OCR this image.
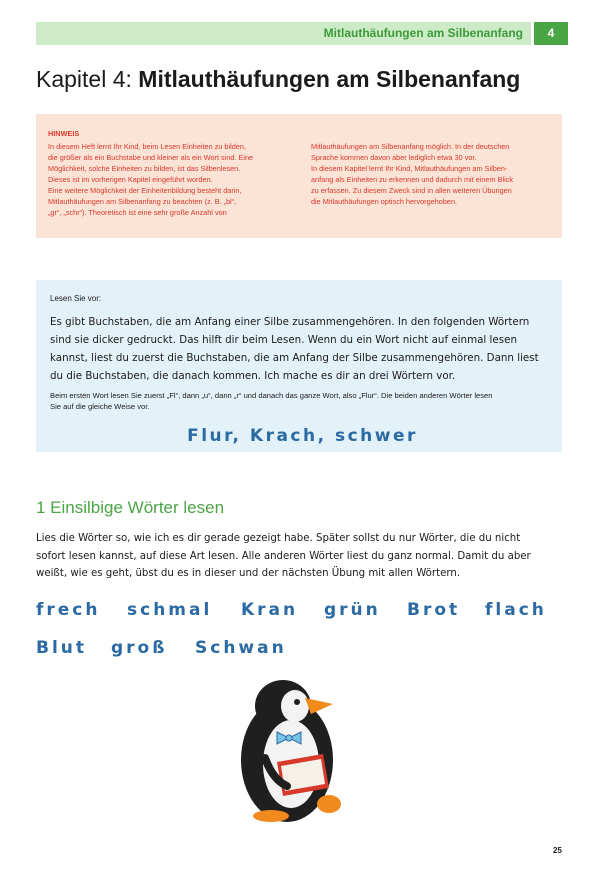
Mitlauthäufungen am Silbenanfang	4
Kapitel 4: Mitlauthäufungen am Silbenanfang
HINWEIS
In diesem Heft lernt Ihr Kind, beim Lesen Einheiten zu bilden,
die größer als ein Buchstabe und kleiner als ein Wort sind. Eine
Möglichkeit, solche Einheiten zu bilden, ist das Silbenlesen.
Dieses ist im vorherigen Kapitel eingeführt worden.
Eine weitere Möglichkeit der Einheitenbildung besteht darin,
Mitlauthäufungen am Silbenanfang zu beachten (z. B. „bl“,
„gr“, „schr“). Theoretisch ist eine sehr große Anzahl von
Mitlauthäufungen am Silbenanfang möglich. In der deutschen
Sprache kommen davon aber lediglich etwa 30 vor.
In diesem Kapitel lernt Ihr Kind, Mitlauthäufungen am Silben-
anfang als Einheiten zu erkennen und dadurch mit einem Blick
zu erfassen. Zu diesem Zweck sind in allen weiteren Übungen
die Mitlauthäufungen optisch hervorgehoben.
Lesen Sie vor:
Es gibt Buchstaben, die am Anfang einer Silbe zusammengehören. In den folgenden Wörtern
sind sie dicker gedruckt. Das hilft dir beim Lesen. Wenn du ein Wort nicht auf einmal lesen
kannst, liest du zuerst die Buchstaben, die am Anfang der Silbe zusammengehören. Dann liest
du die Buchstaben, die danach kommen. Ich mache es dir an drei Wörtern vor.
Beim ersten Wort lesen Sie zuerst „Fl“, dann „u“, dann „r“ und danach das ganze Wort, also „Flur“. Die beiden anderen Wörter lesen
Sie auf die gleiche Weise vor.

Flur, Krach, schwer

1 Einsilbige Wörter lesen
Lies die Wörter so, wie ich es dir gerade gezeigt habe. Später sollst du nur Wörter, die du nicht
sofort lesen kannst, auf diese Art lesen. Alle anderen Wörter liest du ganz normal. Damit du aber
weißt, wie es geht, übst du es in dieser und der nächsten Übung mit allen Wörtern.
frech schmal Kran grün Brot flach
Blut groß Schwan
25
